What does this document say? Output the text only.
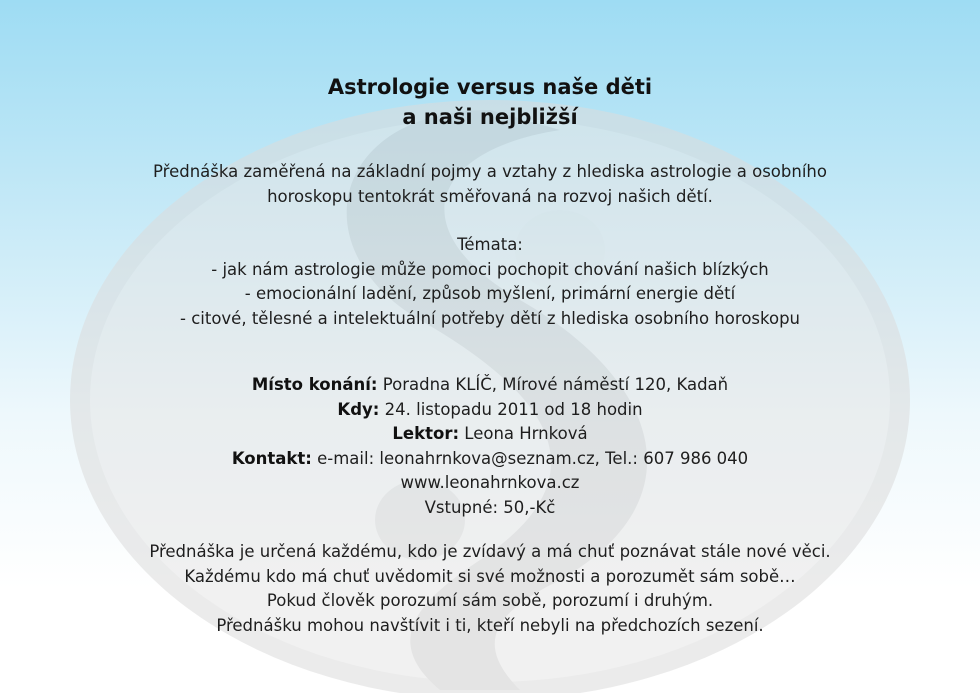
Astrologie versus naše děti
a naši nejbližší
Přednáška zaměřená na základní pojmy a vztahy z hlediska astrologie a osobního
horoskopu tentokrát směřovaná na rozvoj našich dětí.
Témata:
- jak nám astrologie může pomoci pochopit chování našich blízkých
- emocionální ladění, způsob myšlení, primární energie dětí
- citové, tělesné a intelektuální potřeby dětí z hlediska osobního horoskopu
Místo konání: Poradna KLÍČ, Mírové náměstí 120, Kadaň
Kdy: 24. listopadu 2011 od 18 hodin
Lektor: Leona Hrnková
Kontakt: e-mail: leonahrnkova@seznam.cz, Tel.: 607 986 040
www.leonahrnkova.cz
Vstupné: 50,-Kč
Přednáška je určená každému, kdo je zvídavý a má chuť poznávat stále nové věci.
Každému kdo má chuť uvědomit si své možnosti a porozumět sám sobě…
Pokud člověk porozumí sám sobě, porozumí i druhým.
Přednášku mohou navštívit i ti, kteří nebyli na předchozích sezení.
